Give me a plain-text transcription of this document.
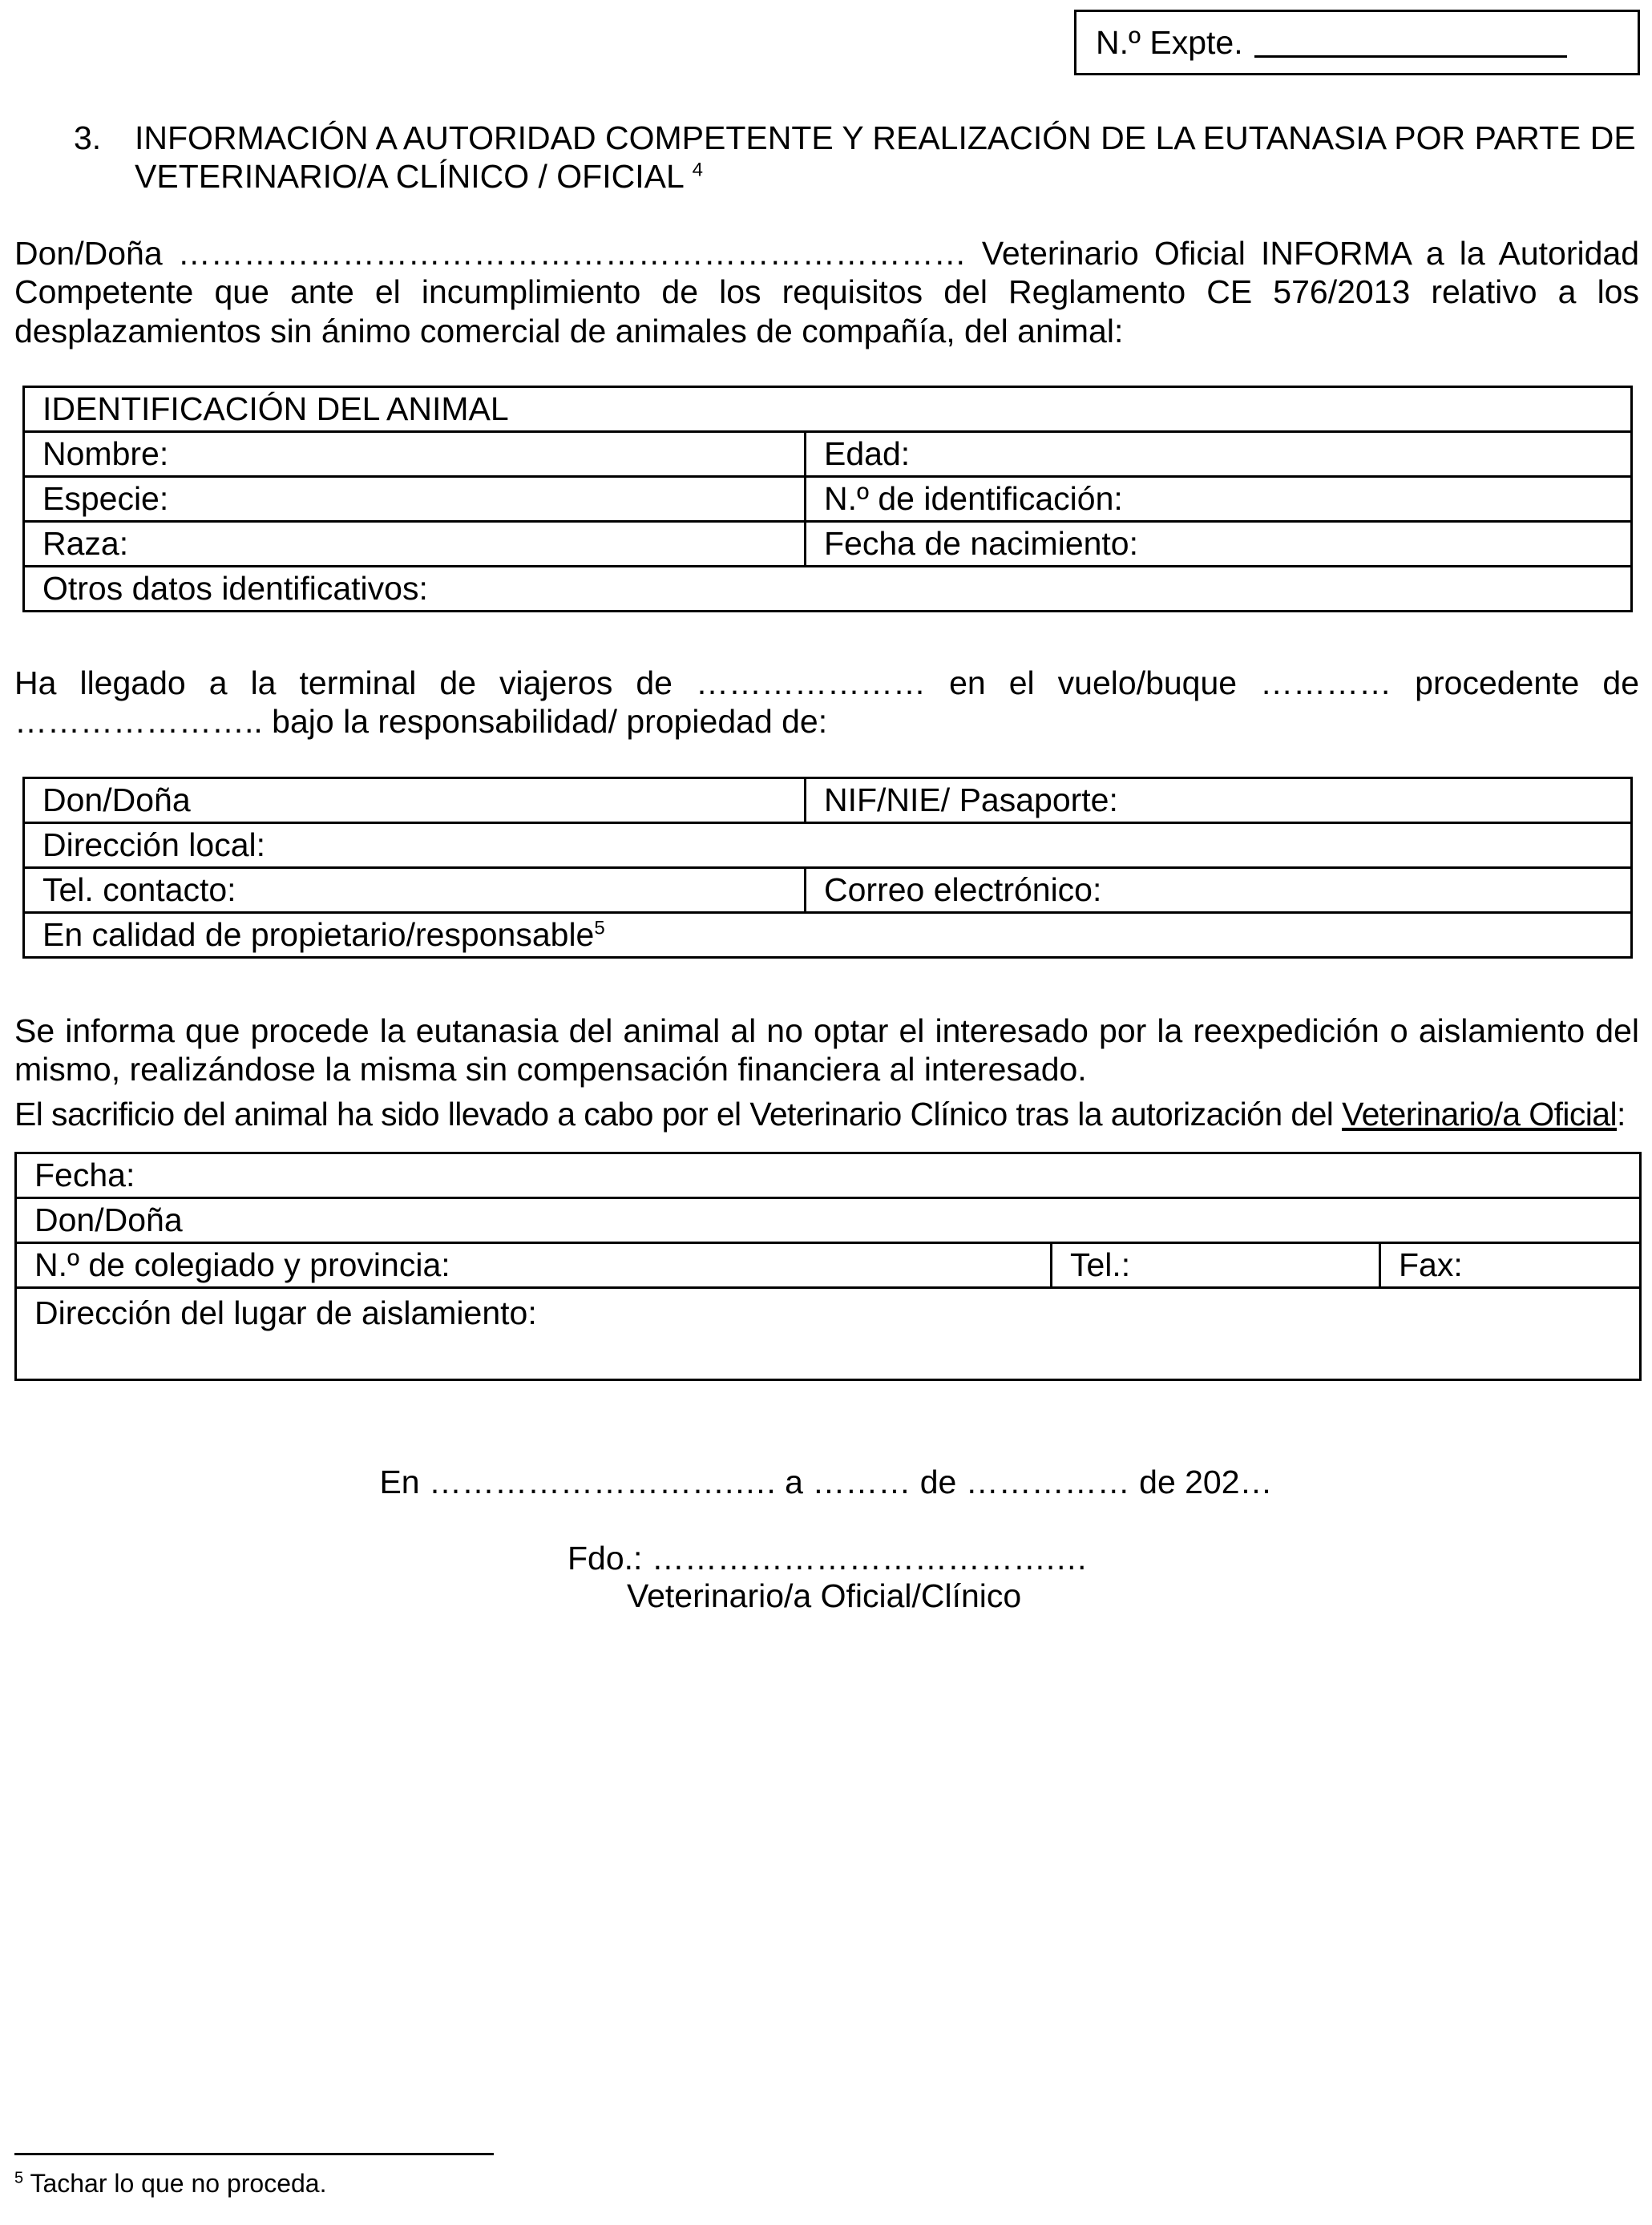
N.º Expte.
3. INFORMACIÓN A AUTORIDAD COMPETENTE Y REALIZACIÓN DE LA EUTANASIA POR PARTE DE VETERINARIO/A CLÍNICO / OFICIAL $^4$
Don/Doña ……………………………………………………………… Veterinario Oficial INFORMA a la Autoridad Competente que ante el incumplimiento de los requisitos del Reglamento CE 576/2013 relativo a los desplazamientos sin ánimo comercial de animales de compañía, del animal:
IDENTIFICACIÓN DEL ANIMAL	
Nombre:	Edad:
Especie:	N.º de identificación:
Raza:	Fecha de nacimiento:
Otros datos identificativos:	
Ha llegado a la terminal de viajeros de ………………… en el vuelo/buque ………… procedente de ………………….. bajo la responsabilidad/ propiedad de:
Don/Doña	NIF/NIE/ Pasaporte:
Dirección local:	
Tel. contacto:	Correo electrónico:
En calidad de propietario/responsable$^5$
Se informa que procede la eutanasia del animal al no optar el interesado por la reexpedición o aislamiento del mismo, realizándose la misma sin compensación financiera al interesado.
El sacrificio del animal ha sido llevado a cabo por el Veterinario Clínico tras la autorización del Veterinario/a Oficial:
Fecha:
Don/Doña
N.º de colegiado y provincia:	Tel.:	Fax:
Dirección del lugar de aislamiento:
En ……………………….…. a ……… de …………… de 202…
Fdo.: ……………………………….…
Veterinario/a Oficial/Clínico
$^5$ Tachar lo que no proceda.
